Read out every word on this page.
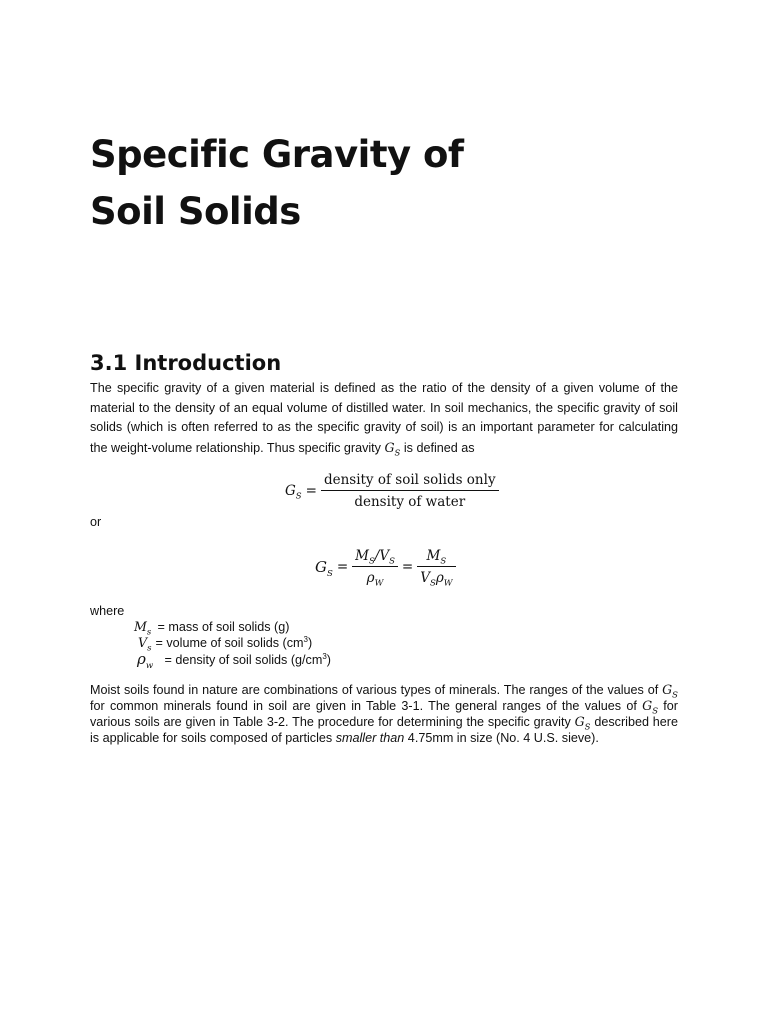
Specific Gravity of
Soil Solids
3.1 Introduction

The specific gravity of a given material is defined as the ratio of the density of a given volume of the material to the density of an equal volume of distilled water. In soil mechanics, the specific gravity of soil solids (which is often referred to as the specific gravity of soil) is an important parameter for calculating the weight-volume relationship. Thus specific gravity $G_S$ is defined as

$G_S = \frac{\text{density of soil solids only}}{\text{density of water}}$
or
$G_S = \frac{M_S/V_S}{\rho_W} = \frac{M_S}{V_S\rho_W}$
where
$M_s$ = mass of soil solids (g)
$V_s$ = volume of soil solids $(cm^3)$
$\rho_w$ = density of soil solids $(g/cm^3)$

Moist soils found in nature are combinations of various types of minerals. The ranges of the values of $G_S$ for common minerals found in soil are given in Table 3-1. The general ranges of the values of $G_S$ for various soils are given in Table 3-2. The procedure for determining the specific gravity $G_S$ described here is applicable for soils composed of particles smaller than 4.75mm in size (No. 4 U.S. sieve).
